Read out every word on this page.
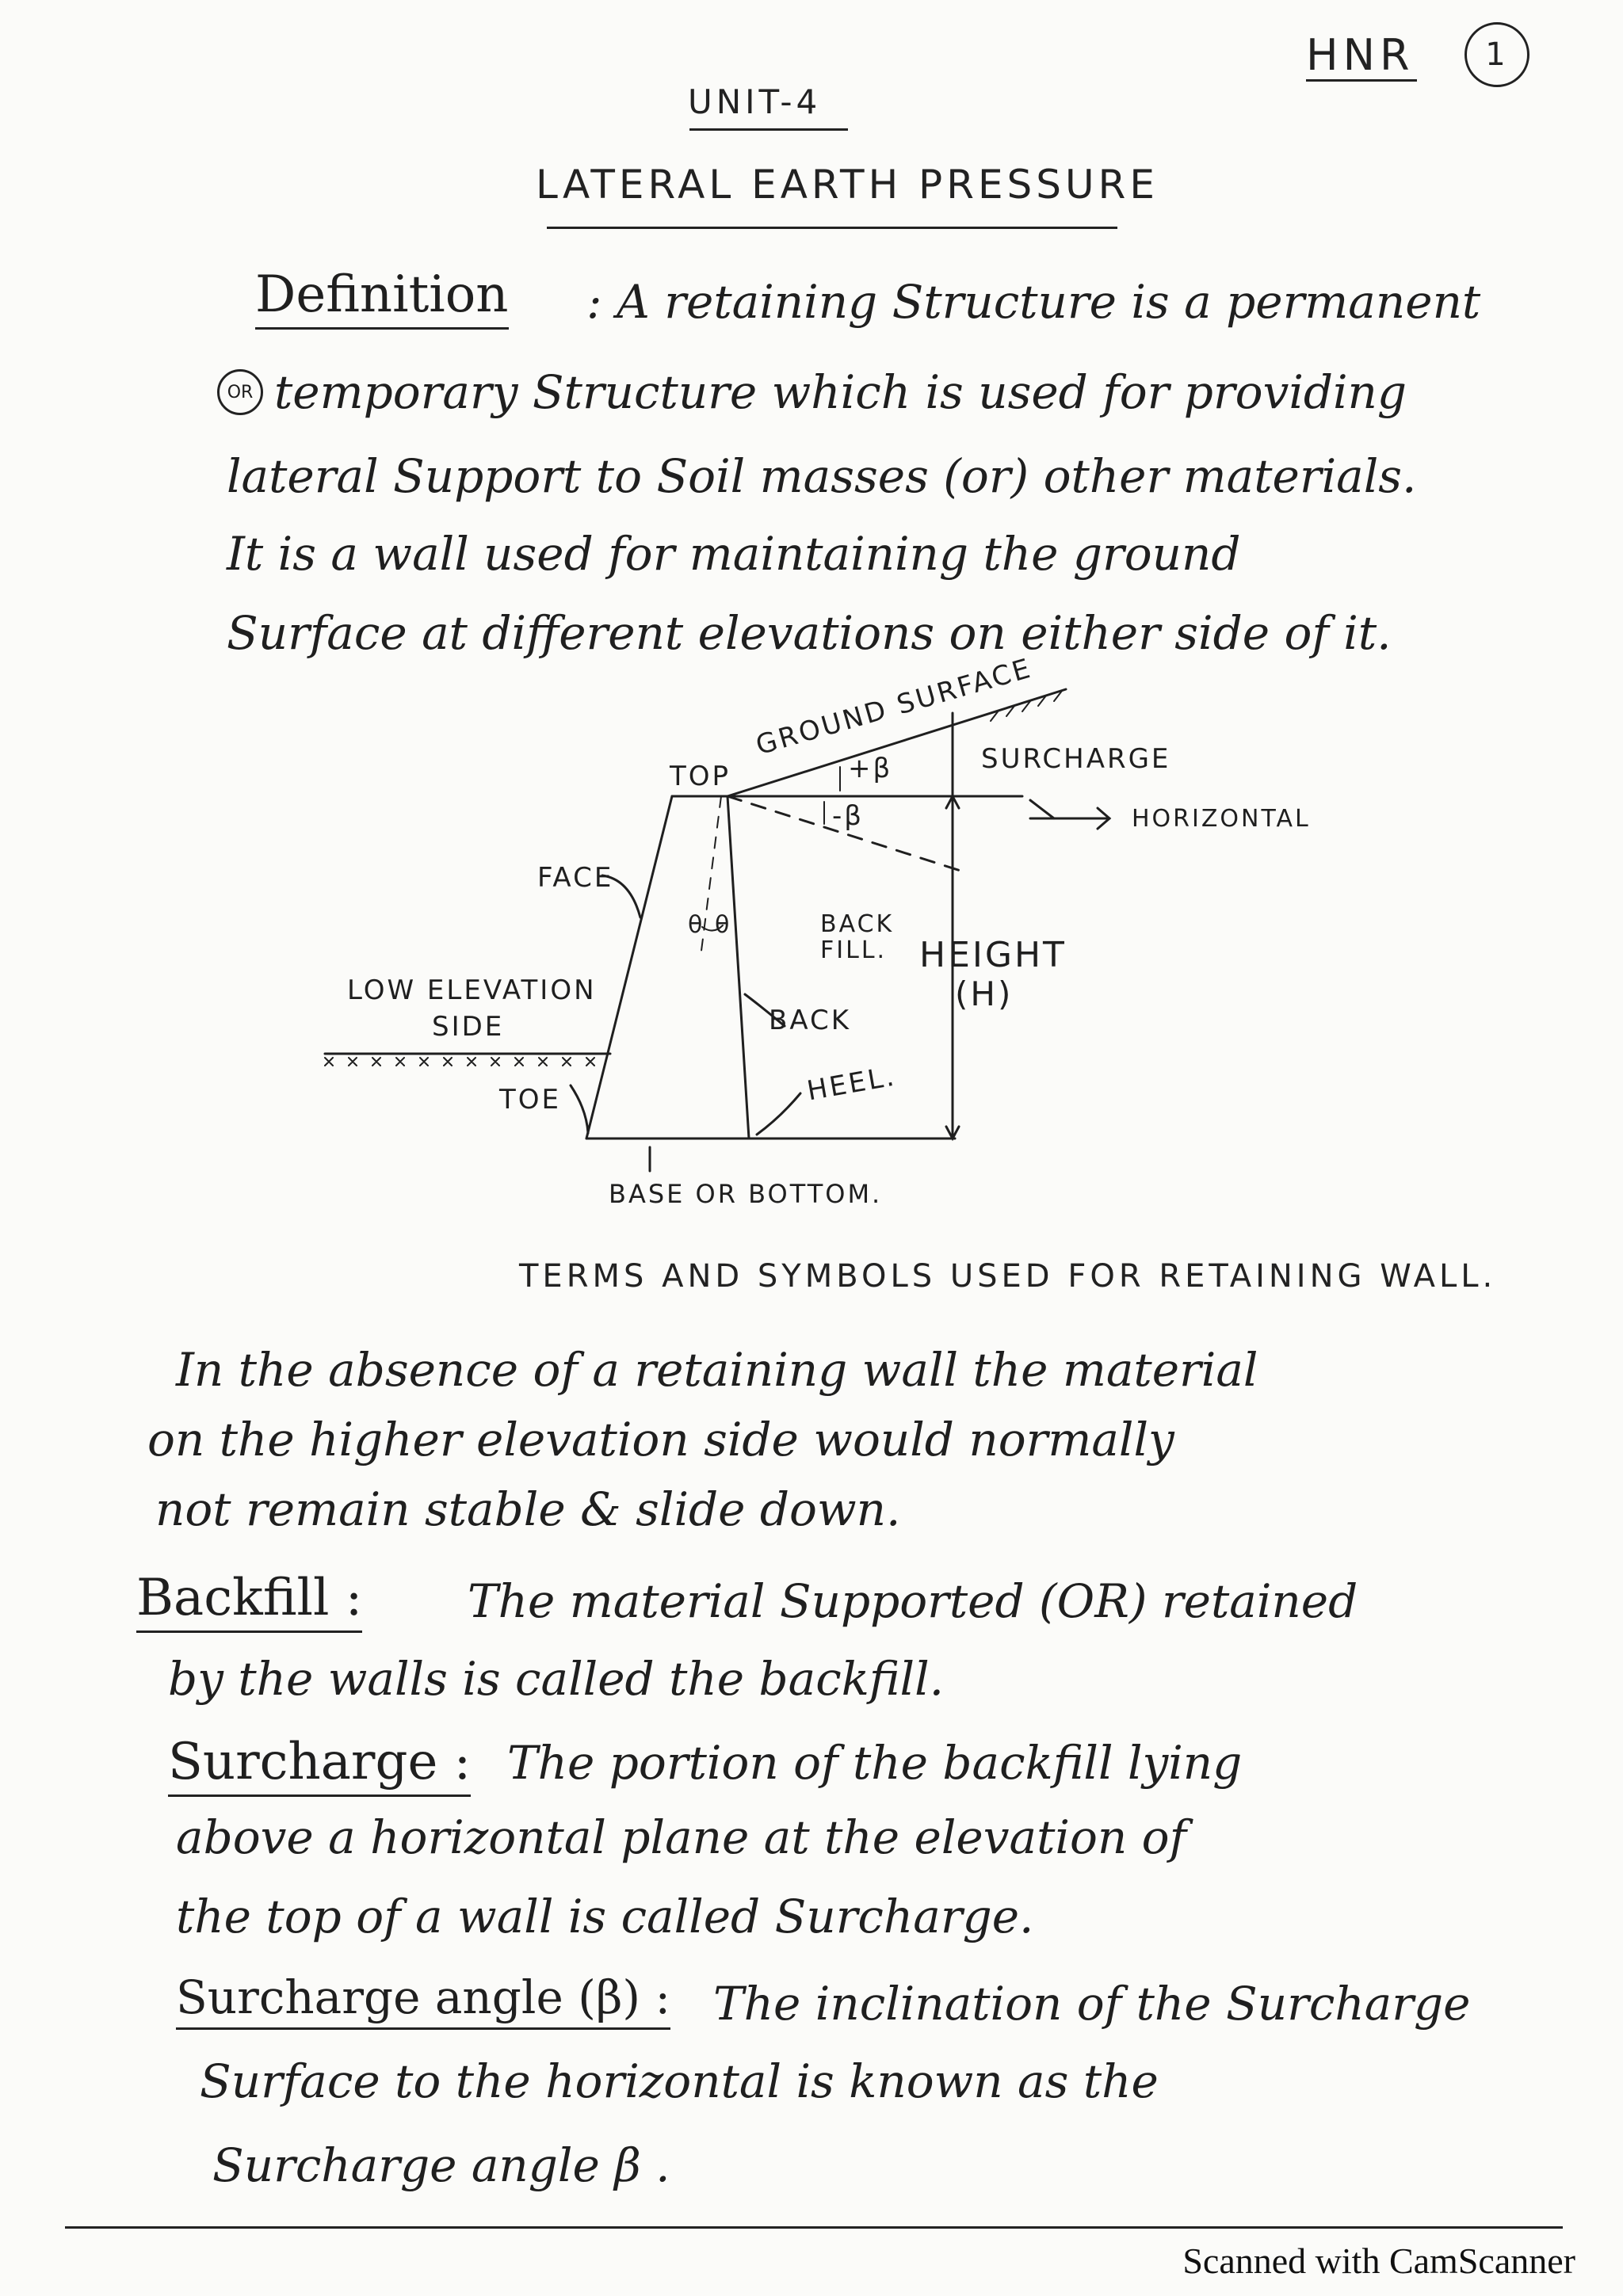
HNR 1
UNIT-4
LATERAL EARTH PRESSURE
Definition : A retaining Structure is a permanent
OR temporary Structure which is used for providing
lateral Support to Soil masses (or) other materials.
It is a wall used for maintaining the ground
Surface at different elevations on either side of it.
GROUND SURFACE
SURCHARGE
TOP	+β
-β	HORIZONTAL
FACE
θ θ	BACK FILL. HEIGHT
(H)
LOW ELEVATION
SIDE	BACK
HEEL.
TOE
BASE OR BOTTOM.
TERMS AND SYMBOLS USED FOR RETAINING WALL.
In the absence of a retaining wall the material
on the higher elevation side would normally
not remain stable & slide down.
Backfill : The material Supported (OR) retained
by the walls is called the backfill.
Surcharge : The portion of the backfill lying
above a horizontal plane at the elevation of
the top of a wall is called Surcharge.
Surcharge angle (β) : The inclination of the Surcharge
Surface to the horizontal is known as the
Surcharge angle β .
Scanned with CamScanner
